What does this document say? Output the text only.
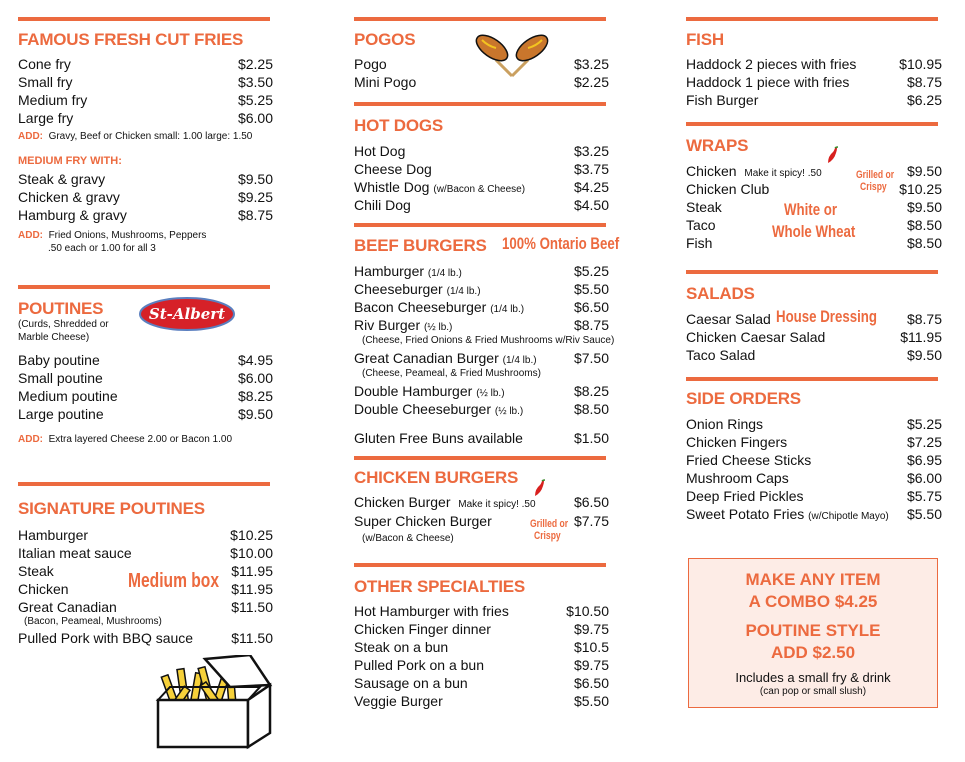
FAMOUS FRESH CUT FRIES
Cone fry	$2.25
Small fry	$3.50
Medium fry	$5.25
Large fry	$6.00
ADD: Gravy, Beef or Chicken small: 1.00 large: 1.50
MEDIUM FRY WITH:
Steak & gravy	$9.50
Chicken & gravy	$9.25
Hamburg & gravy	$8.75
ADD: Fried Onions, Mushrooms, Peppers
.50 each or 1.00 for all 3
POUTINES
(Curds, Shredded or
Marble Cheese)
St-Albert
Baby poutine	$4.95
Small poutine	$6.00
Medium poutine	$8.25
Large poutine	$9.50
ADD: Extra layered Cheese 2.00 or Bacon 1.00
SIGNATURE POUTINES
Hamburger	$10.25
Italian meat sauce	$10.00
Steak	$11.95
Chicken	$11.95
Great Canadian	$11.50
(Bacon, Peameal, Mushrooms)
Pulled Pork with BBQ sauce	$11.50
Medium box
POGOS
Pogo	$3.25
Mini Pogo	$2.25
HOT DOGS
Hot Dog	$3.25
Cheese Dog	$3.75
Whistle Dog (w/Bacon & Cheese)	$4.25
Chili Dog	$4.50
BEEF BURGERS 100% Ontario Beef
Hamburger (1/4 lb.)	$5.25
Cheeseburger (1/4 lb.)	$5.50
Bacon Cheeseburger (1/4 lb.)	$6.50
Riv Burger (½ lb.)	$8.75
(Cheese, Fried Onions & Fried Mushrooms w/Riv Sauce)
Great Canadian Burger (1/4 lb.)	$7.50
(Cheese, Peameal, & Fried Mushrooms)
Double Hamburger (½ lb.)	$8.25
Double Cheeseburger (½ lb.)	$8.50
Gluten Free Buns available	$1.50
CHICKEN BURGERS
Chicken Burger Make it spicy! .50	$6.50
Super Chicken Burger	$7.75
(w/Bacon & Cheese)
Grilled or
Crispy
OTHER SPECIALTIES
Hot Hamburger with fries	$10.50
Chicken Finger dinner	$9.75
Steak on a bun	$10.5
Pulled Pork on a bun	$9.75
Sausage on a bun	$6.50
Veggie Burger	$5.50
FISH
Haddock 2 pieces with fries	$10.95
Haddock 1 piece with fries	$8.75
Fish Burger	$6.25
WRAPS
Chicken Make it spicy! .50	$9.50
Chicken Club	$10.25
Steak	$9.50
Taco	$8.50
Fish	$8.50
Grilled or
Crispy
White or
Whole Wheat
SALADS
Caesar Salad	$8.75
House Dressing
Chicken Caesar Salad	$11.95
Taco Salad	$9.50
SIDE ORDERS
Onion Rings	$5.25
Chicken Fingers	$7.25
Fried Cheese Sticks	$6.95
Mushroom Caps	$6.00
Deep Fried Pickles	$5.75
Sweet Potato Fries (w/Chipotle Mayo) $5.50
MAKE ANY ITEM
A COMBO $4.25
POUTINE STYLE
ADD $2.50
Includes a small fry & drink
(can pop or small slush)
